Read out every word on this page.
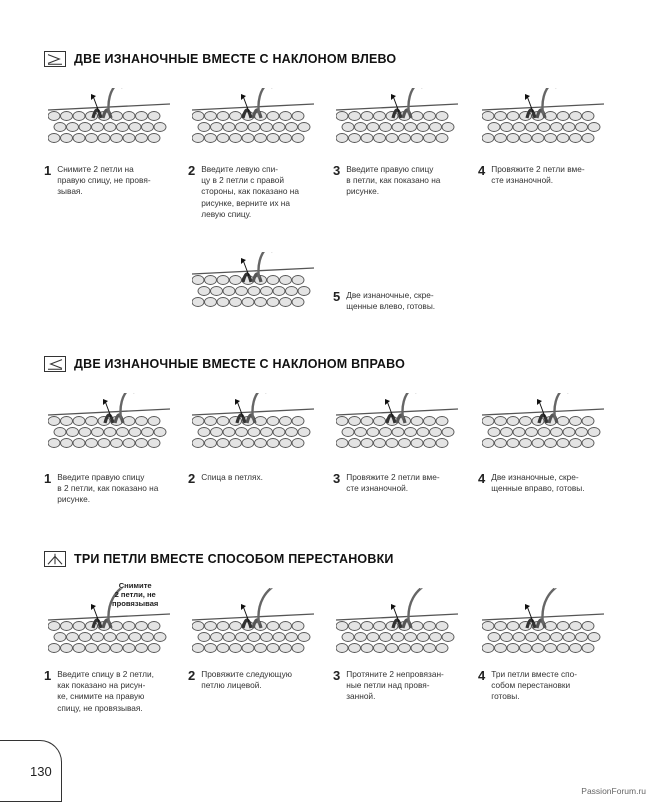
ДВЕ ИЗНАНОЧНЫЕ ВМЕСТЕ С НАКЛОНОМ ВЛЕВО
ДВЕ ИЗНАНОЧНЫЕ ВМЕСТЕ С НАКЛОНОМ ВПРАВО
ТРИ ПЕТЛИ ВМЕСТЕ СПОСОБОМ ПЕРЕСТАНОВКИ
Снимите
2 петли, не
провязывая
1 Снимите 2 петли на
правую спицу, не провя-
зывая.
2 Введите левую спи-
цу в 2 петли с правой
стороны, как показано на
рисунке, верните их на
левую спицу.
3 Введите правую спицу
в петли, как показано на
рисунке.
4 Провяжите 2 петли вме-
сте изнаночной.
5 Две изнаночные, скре-
щенные влево, готовы.
1 Введите правую спицу
в 2 петли, как показано на
рисунке.
2 Спица в петлях.	3 Провяжите 2 петли вме-
сте изнаночной.
4 Две изнаночные, скре-
щенные вправо, готовы.
1 Введите спицу в 2 петли,
как показано на рисун-
ке, снимите на правую
спицу, не провязывая.
2 Провяжите следующую
петлю лицевой.
3 Протяните 2 непровязан-
ные петли над провя-
занной.
4 Три петли вместе спо-
собом перестановки
готовы.
130
PassionForum.ru
